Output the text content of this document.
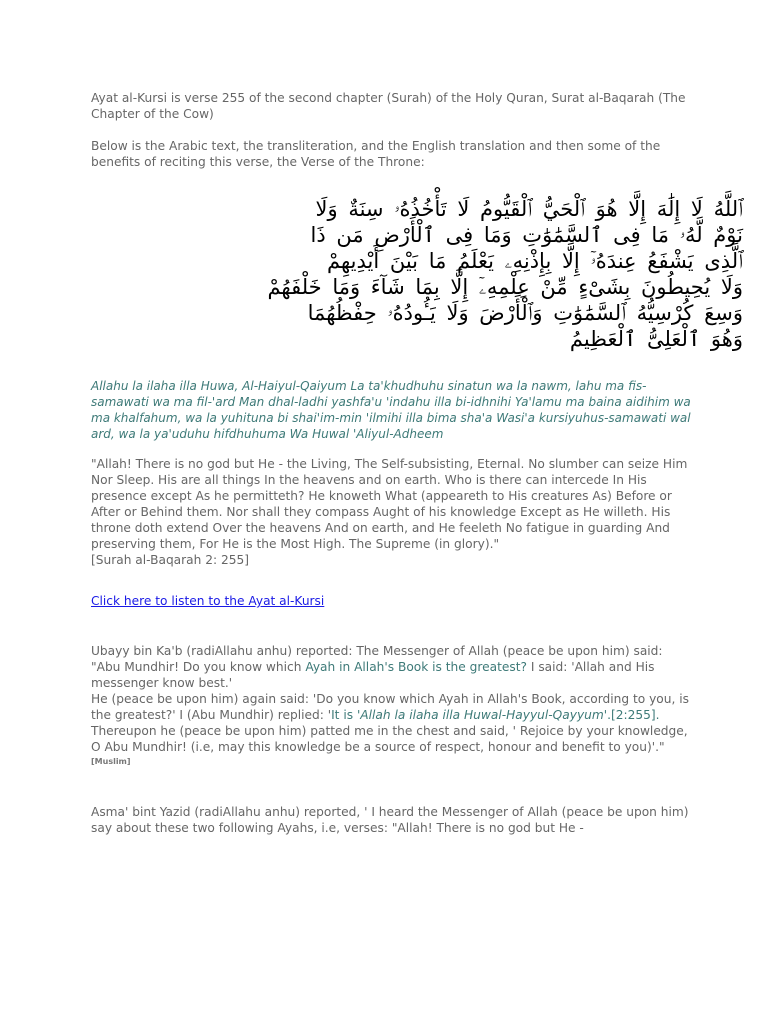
Ayat al-Kursi is verse 255 of the second chapter (Surah) of the Holy Quran, Surat al-Baqarah (The Chapter of the Cow)

Below is the Arabic text, the transliteration, and the English translation and then some of the benefits of reciting this verse, the Verse of the Throne:

ٱللَّهُ لَا إِلَٰهَ إِلَّا هُوَ ٱلْحَيُّ ٱلْقَيُّومُ لَا تَأْخُذُهُۥ سِنَةٌ وَلَا
نَوْمٌ لَّهُۥ مَا فِى ٱلسَّمَٰوَٰتِ وَمَا فِى ٱلْأَرْضِ مَن ذَا
ٱلَّذِى يَشْفَعُ عِندَهُۥٓ إِلَّا بِإِذْنِهِۦ يَعْلَمُ مَا بَيْنَ أَيْدِيهِمْ
وَلَا يُحِيطُونَ بِشَىْءٍ مِّنْ عِلْمِهِۦٓ إِلَّا بِمَا شَآءَ وَمَا خَلْفَهُمْ
وَسِعَ كُرْسِيُّهُ ٱلسَّمَٰوَٰتِ وَٱلْأَرْضَ وَلَا يَـُٔودُهُۥ حِفْظُهُمَا
وَهُوَ ٱلْعَلِىُّ ٱلْعَظِيمُ

Allahu la ilaha illa Huwa, Al-Haiyul-Qaiyum La ta'khudhuhu sinatun wa la nawm, lahu ma fis-samawati wa ma fil-'ard Man dhal-ladhi yashfa'u 'indahu illa bi-idhnihi Ya'lamu ma baina aidihim wa ma khalfahum, wa la yuhituna bi shai'im-min 'ilmihi illa bima sha'a Wasi'a kursiyuhus-samawati wal ard, wa la ya'uduhu hifdhuhuma Wa Huwal 'Aliyul-Adheem

"Allah! There is no god but He - the Living, The Self-subsisting, Eternal. No slumber can seize Him Nor Sleep. His are all things In the heavens and on earth. Who is there can intercede In His presence except As he permitteth? He knoweth What (appeareth to His creatures As) Before or After or Behind them. Nor shall they compass Aught of his knowledge Except as He willeth. His throne doth extend Over the heavens And on earth, and He feeleth No fatigue in guarding And preserving them, For He is the Most High. The Supreme (in glory)."
[Surah al-Baqarah 2: 255]

Click here to listen to the Ayat al-Kursi

Ubayy bin Ka'b (radiAllahu anhu) reported: The Messenger of Allah (peace be upon him) said: "Abu Mundhir! Do you know which Ayah in Allah's Book is the greatest? I said: 'Allah and His messenger know best.'
He (peace be upon him) again said: 'Do you know which Ayah in Allah's Book, according to you, is the greatest?' I (Abu Mundhir) replied: 'It is 'Allah la ilaha illa Huwal-Hayyul-Qayyum'.[2:255].
Thereupon he (peace be upon him) patted me in the chest and said, ' Rejoice by your knowledge, O Abu Mundhir! (i.e, may this knowledge be a source of respect, honour and benefit to you)'."
[Muslim]

Asma' bint Yazid (radiAllahu anhu) reported, ' I heard the Messenger of Allah (peace be upon him) say about these two following Ayahs, i.e, verses: "Allah! There is no god but He -
